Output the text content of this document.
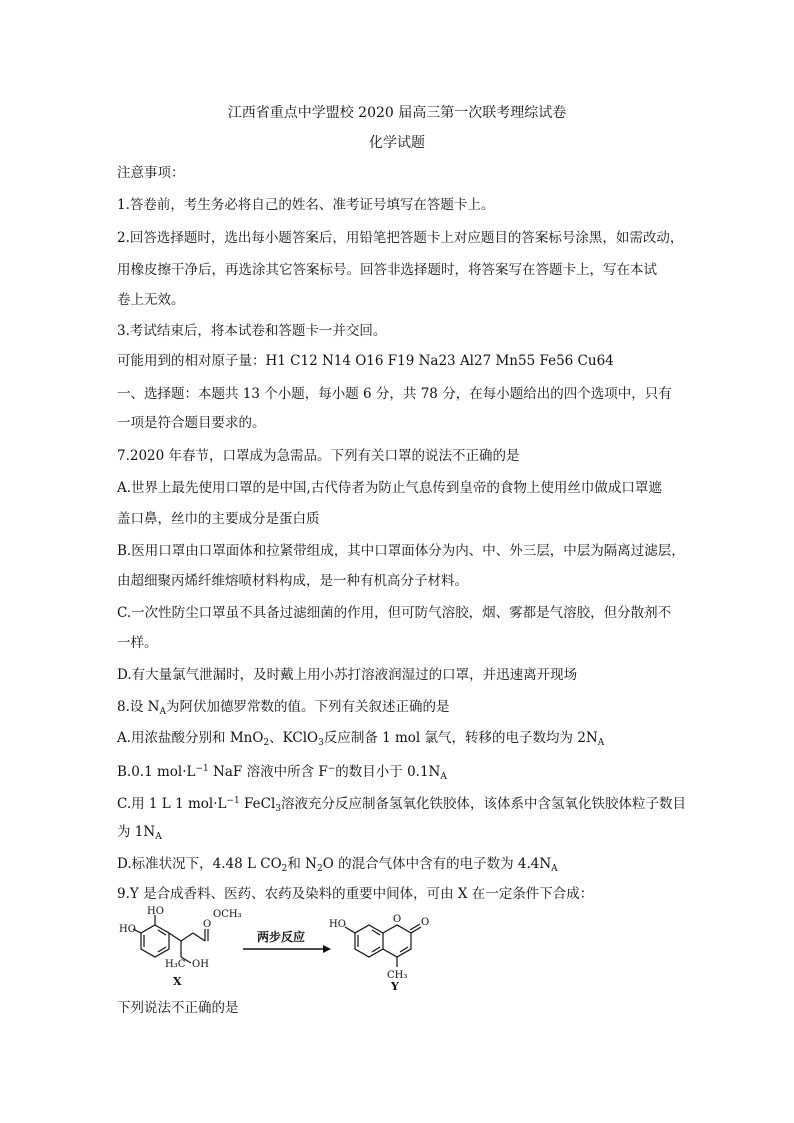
江西省重点中学盟校 2020 届高三第一次联考理综试卷
化学试题
注意事项：
1.答卷前，考生务必将自己的姓名、准考证号填写在答题卡上。
2.回答选择题时，选出每小题答案后，用铅笔把答题卡上对应题目的答案标号涂黑，如需改动，
用橡皮擦干净后，再选涂其它答案标号。回答非选择题时，将答案写在答题卡上，写在本试
卷上无效。
3.考试结束后，将本试卷和答题卡一并交回。
可能用到的相对原子量：H1 C12 N14 O16 F19 Na23 Al27 Mn55 Fe56 Cu64
一、选择题：本题共 13 个小题，每小题 6 分，共 78 分，在每小题给出的四个选项中，只有
一项是符合题目要求的。
7.2020 年春节，口罩成为急需品。下列有关口罩的说法不正确的是
A.世界上最先使用口罩的是中国,古代侍者为防止气息传到皇帝的食物上使用丝巾做成口罩遮
盖口鼻，丝巾的主要成分是蛋白质
B.医用口罩由口罩面体和拉紧带组成，其中口罩面体分为内、中、外三层，中层为隔离过滤层，
由超细聚丙烯纤维熔喷材料构成，是一种有机高分子材料。
C.一次性防尘口罩虽不具备过滤细菌的作用，但可防气溶胶，烟、雾都是气溶胶，但分散剂不
一样。
D.有大量氯气泄漏时，及时戴上用小苏打溶液润湿过的口罩，并迅速离开现场
8.设 $N_A$为阿伏加德罗常数的值。下列有关叙述正确的是
A.用浓盐酸分别和 MnO$_2$、KClO$_3$反应制备 1 mol 氯气，转移的电子数均为 $2N_A$
B.0.1 $mol\cdot L^{-1}$ NaF 溶液中所含 F−的数目小于 $0.1N_A$
C.用 1 L 1 $mol\cdot L^{-1}$ FeCl$_3$溶液充分反应制备氢氧化铁胶体，该体系中含氢氧化铁胶体粒子数目
为 $1N_A$
D.标准状况下，4.48 L $CO_2$和 $N_2O$ 的混合气体中含有的电子数为 $4.4N_A$
9.Y 是合成香料、医药、农药及染料的重要中间体，可由 X 在一定条件下合成：
HO
HO
O
OCH₃
H₃C OH
X
两步反应
HO	O O
CH₃
Y
下列说法不正确的是
